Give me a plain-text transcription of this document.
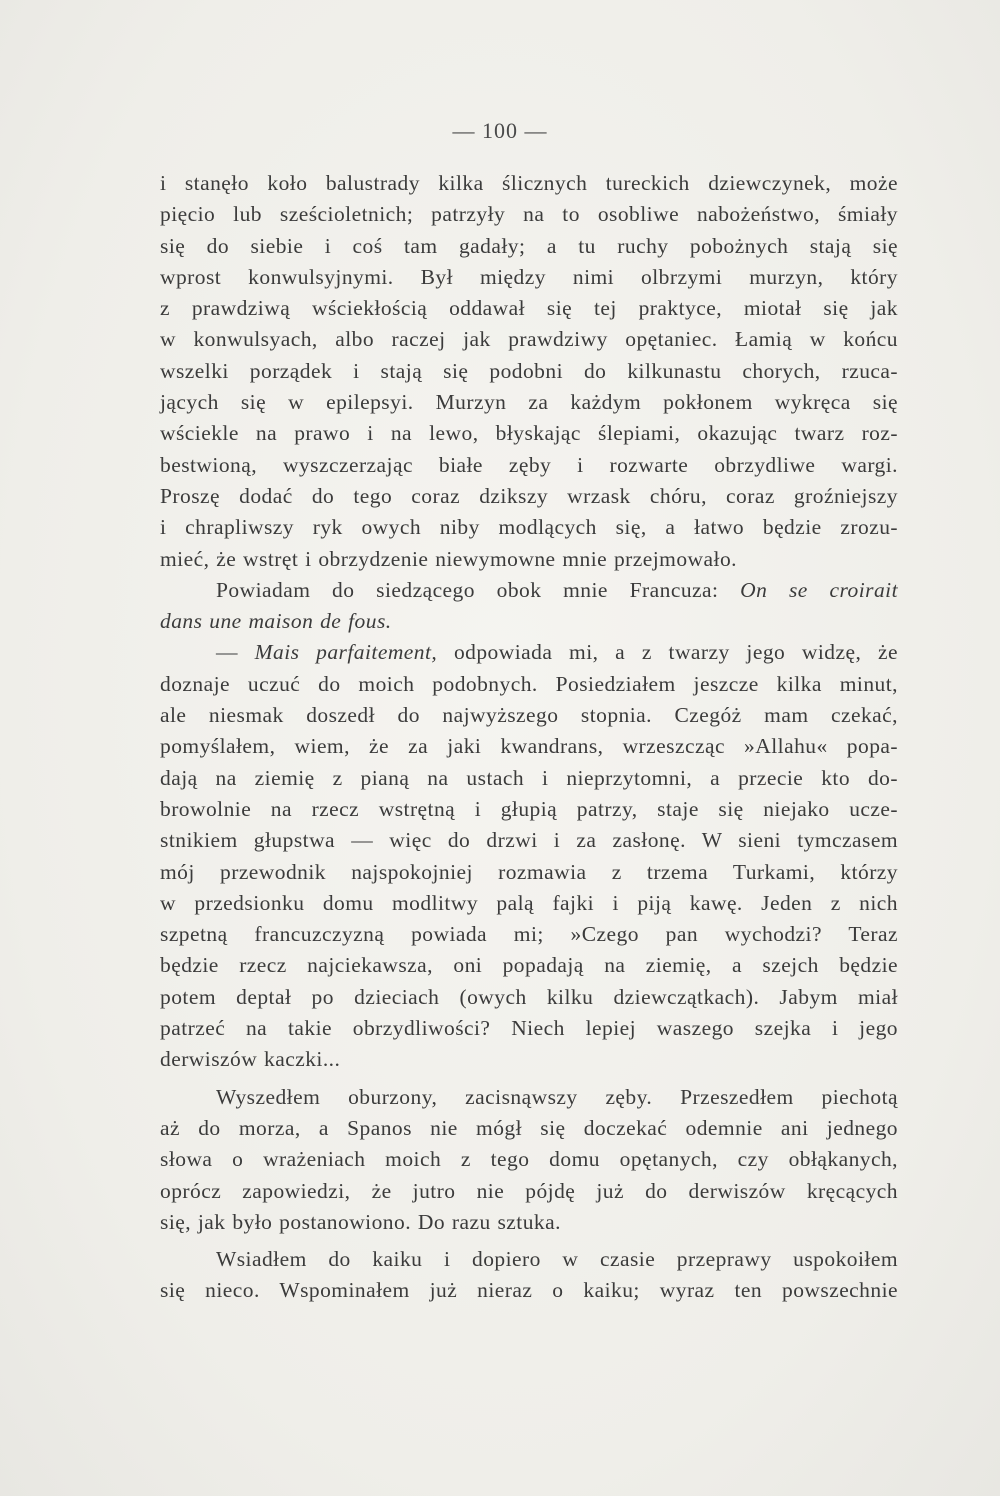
— 100 —
i stanęło koło balustrady kilka ślicznych tureckich dziewczynek, może
pięcio lub sześcioletnich; patrzyły na to osobliwe nabożeństwo, śmiały
się do siebie i coś tam gadały; a tu ruchy pobożnych stają się
wprost konwulsyjnymi. Był między nimi olbrzymi murzyn, który
z prawdziwą wściekłością oddawał się tej praktyce, miotał się jak
w konwulsyach, albo raczej jak prawdziwy opętaniec. Łamią w końcu
wszelki porządek i stają się podobni do kilkunastu chorych, rzuca-
jących się w epilepsyi. Murzyn za każdym pokłonem wykręca się
wściekle na prawo i na lewo, błyskając ślepiami, okazując twarz roz-
bestwioną, wyszczerzając białe zęby i rozwarte obrzydliwe wargi.
Proszę dodać do tego coraz dzikszy wrzask chóru, coraz groźniejszy
i chrapliwszy ryk owych niby modlących się, a łatwo będzie zrozu-
mieć, że wstręt i obrzydzenie niewymowne mnie przejmowało.
Powiadam do siedzącego obok mnie Francuza: On se croirait
dans une maison de fous.
— Mais parfaitement, odpowiada mi, a z twarzy jego widzę, że
doznaje uczuć do moich podobnych. Posiedziałem jeszcze kilka minut,
ale niesmak doszedł do najwyższego stopnia. Czegóż mam czekać,
pomyślałem, wiem, że za jaki kwandrans, wrzeszcząc »Allahu« popa-
dają na ziemię z pianą na ustach i nieprzytomni, a przecie kto do-
browolnie na rzecz wstrętną i głupią patrzy, staje się niejako ucze-
stnikiem głupstwa — więc do drzwi i za zasłonę. W sieni tymczasem
mój przewodnik najspokojniej rozmawia z trzema Turkami, którzy
w przedsionku domu modlitwy palą fajki i piją kawę. Jeden z nich
szpetną francuzczyzną powiada mi; »Czego pan wychodzi? Teraz
będzie rzecz najciekawsza, oni popadają na ziemię, a szejch będzie
potem deptał po dzieciach (owych kilku dziewczątkach). Jabym miał
patrzeć na takie obrzydliwości? Niech lepiej waszego szejka i jego
derwiszów kaczki...
Wyszedłem oburzony, zacisnąwszy zęby. Przeszedłem piechotą
aż do morza, a Spanos nie mógł się doczekać odemnie ani jednego
słowa o wrażeniach moich z tego domu opętanych, czy obłąkanych,
oprócz zapowiedzi, że jutro nie pójdę już do derwiszów kręcących
się, jak było postanowiono. Do razu sztuka.
Wsiadłem do kaiku i dopiero w czasie przeprawy uspokoiłem
się nieco. Wspominałem już nieraz o kaiku; wyraz ten powszechnie
